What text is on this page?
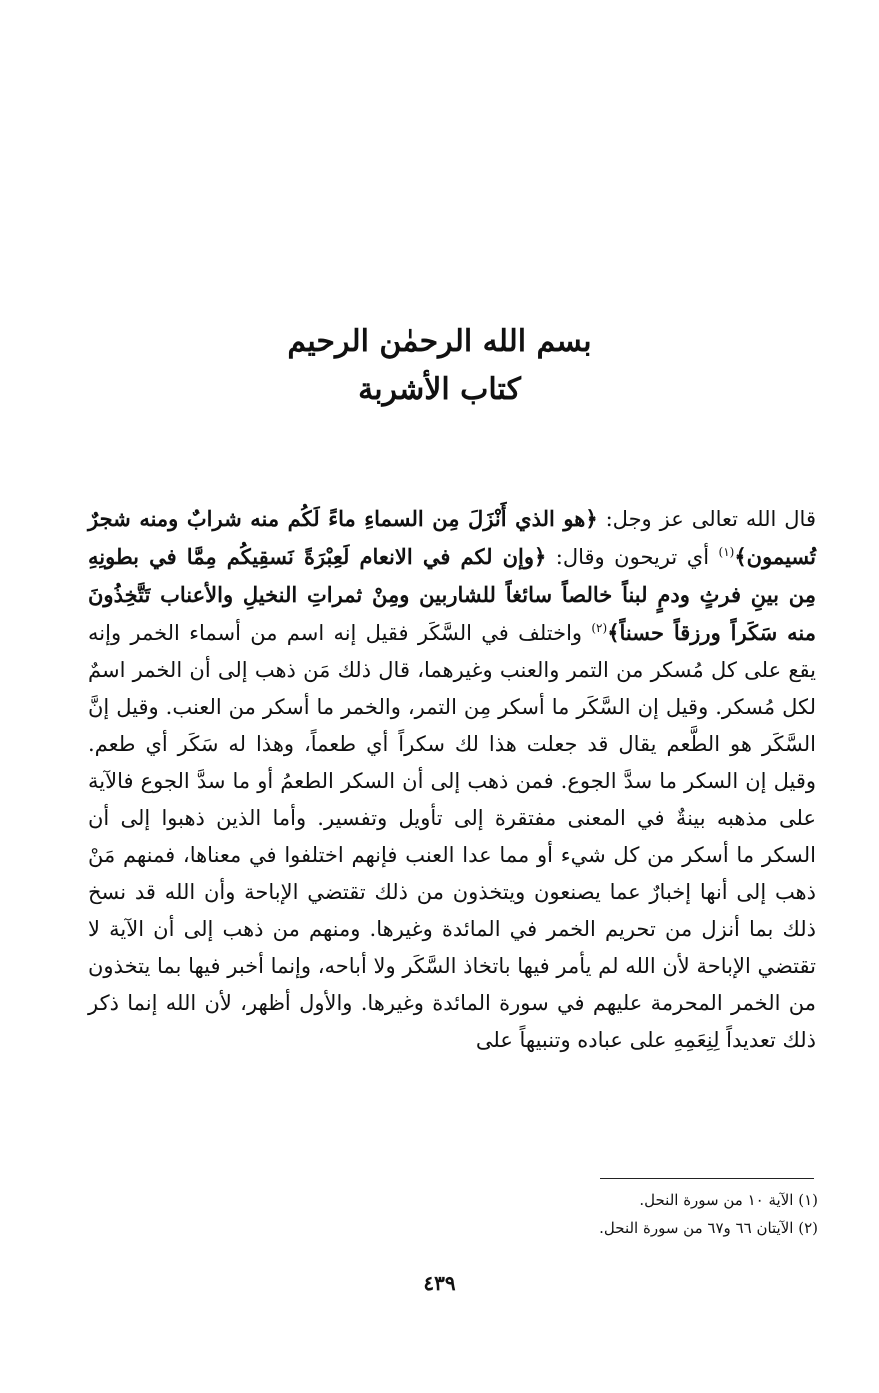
بسم الله الرحمٰن الرحيم
كتاب الأشربة

قال الله تعالى عز وجل: ﴿هو الذي أَنْزَلَ مِن السماءِ ماءً لَكُم منه شرابٌ ومنه شجرٌ تُسيمون﴾$^{(١)}$ أي تريحون وقال: ﴿وإن لكم في الانعام لَعِبْرَةً نَسقِيكُم مِمَّا في بطونِهِ مِن بينِ فرثٍ ودمٍ لبناً خالصاً سائغاً للشاربين ومِنْ ثمراتِ النخيلِ والأعناب تَتَّخِذُونَ منه سَكَراً ورزقاً حسناً﴾$^{(٢)}$ واختلف في السَّكَر فقيل إنه اسم من أسماء الخمر وإنه يقع على كل مُسكر من التمر والعنب وغيرهما، قال ذلك مَن ذهب إلى أن الخمر اسمٌ لكل مُسكر. وقيل إن السَّكَر ما أسكر مِن التمر، والخمر ما أسكر من العنب. وقيل إنَّ السَّكَر هو الطَّعم يقال قد جعلت هذا لك سكراً أي طعماً، وهذا له سَكَر أي طعم. وقيل إن السكر ما سدَّ الجوع. فمن ذهب إلى أن السكر الطعمُ أو ما سدَّ الجوع فالآية على مذهبه بينةٌ في المعنى مفتقرة إلى تأويل وتفسير. وأما الذين ذهبوا إلى أن السكر ما أسكر من كل شيء أو مما عدا العنب فإنهم اختلفوا في معناها، فمنهم مَنْ ذهب إلى أنها إخبارٌ عما يصنعون ويتخذون من ذلك تقتضي الإباحة وأن الله قد نسخ ذلك بما أنزل من تحريم الخمر في المائدة وغيرها. ومنهم من ذهب إلى أن الآية لا تقتضي الإباحة لأن الله لم يأمر فيها باتخاذ السَّكَر ولا أباحه، وإنما أخبر فيها بما يتخذون من الخمر المحرمة عليهم في سورة المائدة وغيرها. والأول أظهر، لأن الله إنما ذكر ذلك تعديداً لِنِعَمِهِ على عباده وتنبيهاً على

(١) الآية ١٠ من سورة النحل.
(٢) الآيتان ٦٦ و٦٧ من سورة النحل.
٤٣٩
